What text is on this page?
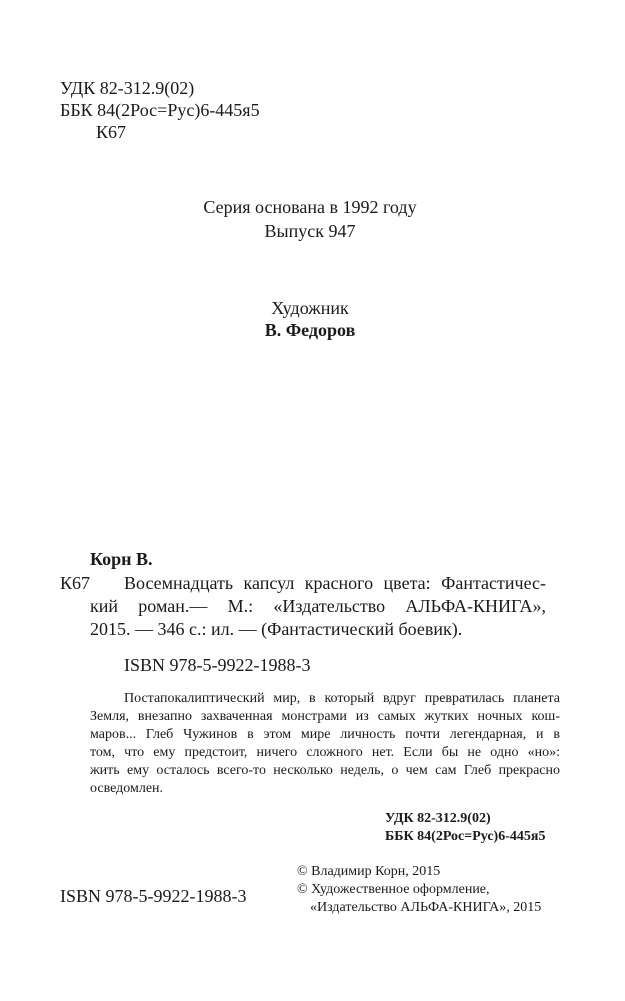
УДК 82-312.9(02)
ББК 84(2Рос=Рус)6-445я5
К67
Серия основана в 1992 году
Выпуск 947
Художник
В. Федоров
Корн В.
К67 Восемнадцать капсул красного цвета: Фантастичес-
кий роман.— М.: «Издательство АЛЬФА-КНИГА»,
2015. — 346 с.: ил. — (Фантастический боевик).
ISBN 978-5-9922-1988-3
Постапокалиптический мир, в который вдруг превратилась планета
Земля, внезапно захваченная монстрами из самых жутких ночных кош-
маров... Глеб Чужинов в этом мире личность почти легендарная, и в
том, что ему предстоит, ничего сложного нет. Если бы не одно «но»:
жить ему осталось всего-то несколько недель, о чем сам Глеб прекрасно
осведомлен.
УДК 82-312.9(02)
ББК 84(2Рос=Рус)6-445я5
ISBN 978-5-9922-1988-3
© Владимир Корн, 2015
© Художественное оформление,
«Издательство АЛЬФА-КНИГА», 2015
